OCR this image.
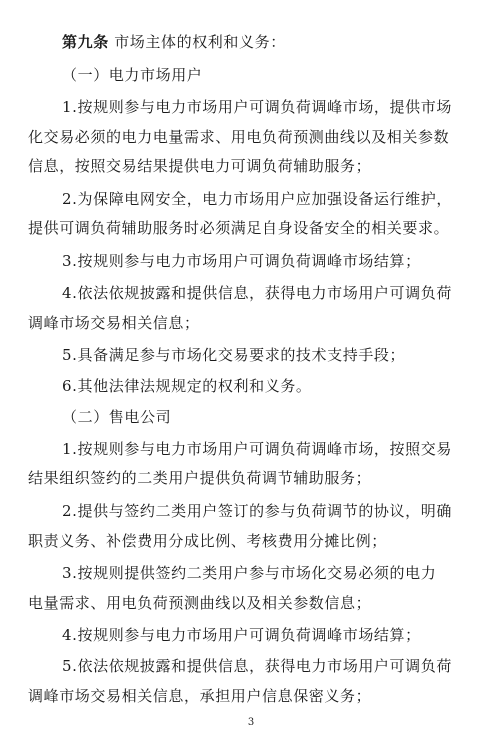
第九条 市场主体的权利和义务：
（一）电力市场用户
1.按规则参与电力市场用户可调负荷调峰市场，提供市场
化交易必须的电力电量需求、用电负荷预测曲线以及相关参数
信息，按照交易结果提供电力可调负荷辅助服务；
2.为保障电网安全，电力市场用户应加强设备运行维护，
提供可调负荷辅助服务时必须满足自身设备安全的相关要求。
3.按规则参与电力市场用户可调负荷调峰市场结算；
4.依法依规披露和提供信息，获得电力市场用户可调负荷
调峰市场交易相关信息；
5.具备满足参与市场化交易要求的技术支持手段；
6.其他法律法规规定的权利和义务。
（二）售电公司
1.按规则参与电力市场用户可调负荷调峰市场，按照交易
结果组织签约的二类用户提供负荷调节辅助服务；
2.提供与签约二类用户签订的参与负荷调节的协议，明确
职责义务、补偿费用分成比例、考核费用分摊比例；
3.按规则提供签约二类用户参与市场化交易必须的电力
电量需求、用电负荷预测曲线以及相关参数信息；
4.按规则参与电力市场用户可调负荷调峰市场结算；
5.依法依规披露和提供信息，获得电力市场用户可调负荷
调峰市场交易相关信息，承担用户信息保密义务；
3
